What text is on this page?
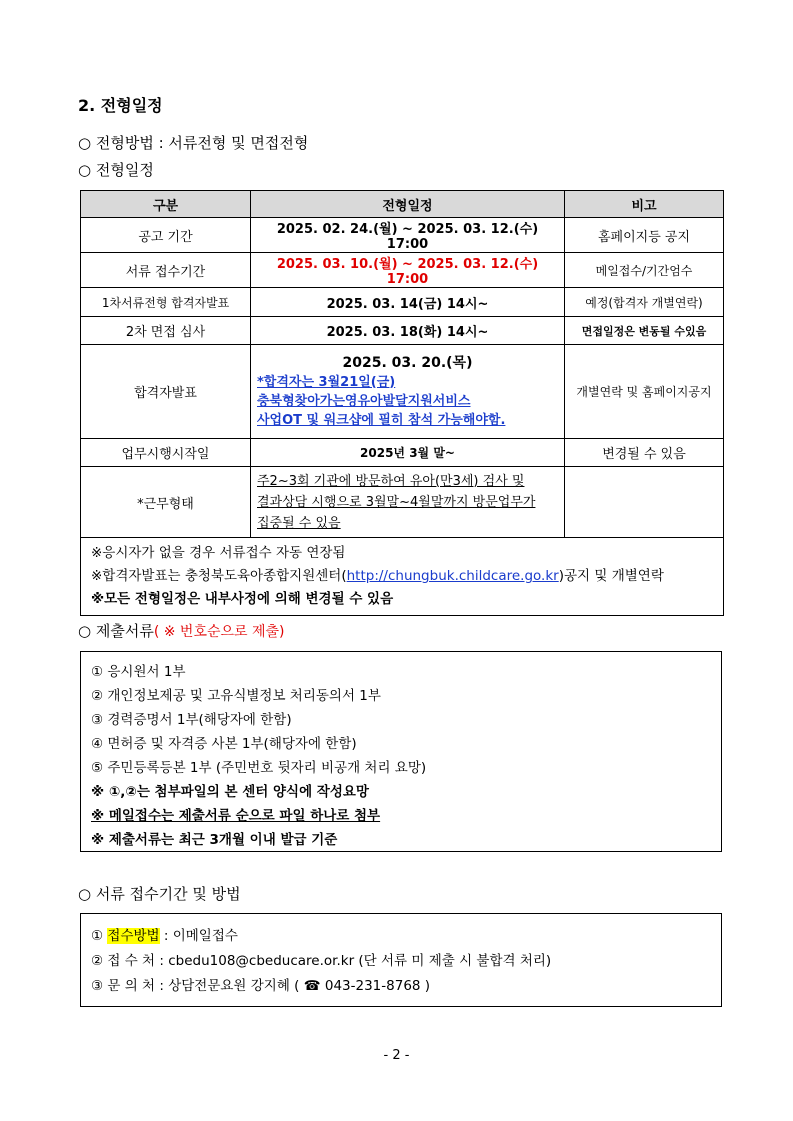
2. 전형일정
○ 전형방법 : 서류전형 및 면접전형
○ 전형일정
구분	전형일정	비고
공고 기간	2025. 02. 24.(월) ~ 2025. 03. 12.(수) 17:00	홈페이지등 공지
서류 접수기간	2025. 03. 10.(월) ~ 2025. 03. 12.(수) 17:00	메일접수/기간엄수
1차서류전형 합격자발표	2025. 03. 14(금) 14시~	예정(합격자 개별연락)
2차 면접 심사	2025. 03. 18(화) 14시~	면접일정은 변동될 수있음
합격자발표	2025. 03. 20.(목)
*합격자는 3월21일(금)
충북형찾아가는영유아발달지원서비스
사업OT 및 워크샵에 필히 참석 가능해야함.	개별연락 및 홈페이지공지
업무시행시작일	2025년 3월 말~	변경될 수 있음
*근무형태	주2~3회 기관에 방문하여 유아(만3세) 검사 및
결과상담 시행으로 3월말~4월말까지 방문업무가
집중될 수 있음	

※응시자가 없을 경우 서류접수 자동 연장됨
※합격자발표는 충청북도육아종합지원센터(http://chungbuk.childcare.go.kr)공지 및 개별연락
※모든 전형일정은 내부사정에 의해 변경될 수 있음		
○ 제출서류( ※ 번호순으로 제출)
① 응시원서 1부
② 개인정보제공 및 고유식별정보 처리동의서 1부
③ 경력증명서 1부(해당자에 한함)
④ 면허증 및 자격증 사본 1부(해당자에 한함)
⑤ 주민등록등본 1부 (주민번호 뒷자리 비공개 처리 요망)
※ ①,②는 첨부파일의 본 센터 양식에 작성요망
※ 메일접수는 제출서류 순으로 파일 하나로 첨부
※ 제출서류는 최근 3개월 이내 발급 기준
○ 서류 접수기간 및 방법
① 접수방법 : 이메일접수
② 접 수 처 : cbedu108@cbeducare.or.kr (단 서류 미 제출 시 불합격 처리)
③ 문 의 처 : 상담전문요원 강지혜 ( ☎ 043-231-8768 )
- 2 -
